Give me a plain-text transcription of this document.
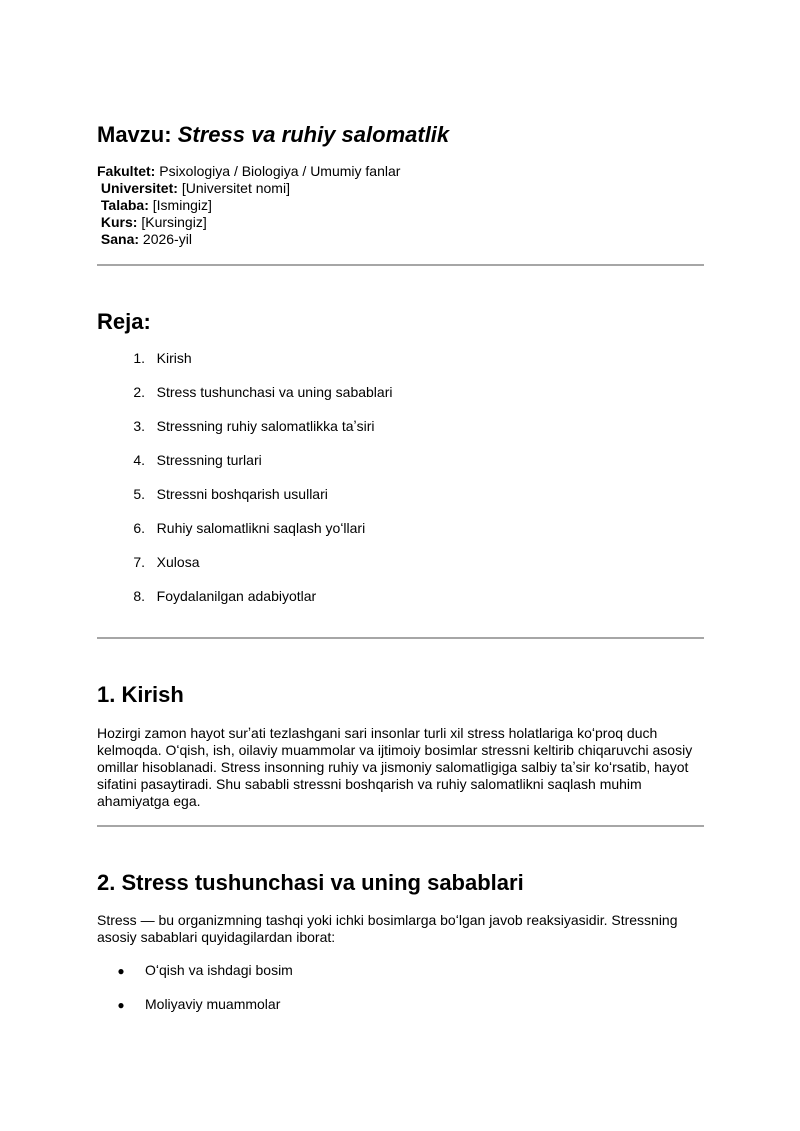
Mavzu: Stress va ruhiy salomatlik
Fakultet: Psixologiya / Biologiya / Umumiy fanlar
Universitet: [Universitet nomi]
Talaba: [Ismingiz]
Kurs: [Kursingiz]
Sana: 2026-yil
Reja:
1. Kirish
2. Stress tushunchasi va uning sabablari
3. Stressning ruhiy salomatlikka taʼsiri
4. Stressning turlari
5. Stressni boshqarish usullari
6. Ruhiy salomatlikni saqlash yoʻllari
7. Xulosa
8. Foydalanilgan adabiyotlar
1. Kirish

Hozirgi zamon hayot surʼati tezlashgani sari insonlar turli xil stress holatlariga koʻproq duch kelmoqda. Oʻqish, ish, oilaviy muammolar va ijtimoiy bosimlar stressni keltirib chiqaruvchi asosiy omillar hisoblanadi. Stress insonning ruhiy va jismoniy salomatligiga salbiy taʼsir koʻrsatib, hayot sifatini pasaytiradi. Shu sababli stressni boshqarish va ruhiy salomatlikni saqlash muhim ahamiyatga ega.

2. Stress tushunchasi va uning sabablari

Stress — bu organizmning tashqi yoki ichki bosimlarga boʻlgan javob reaksiyasidir. Stressning asosiy sabablari quyidagilardan iborat:

● Oʻqish va ishdagi bosim
● Moliyaviy muammolar
